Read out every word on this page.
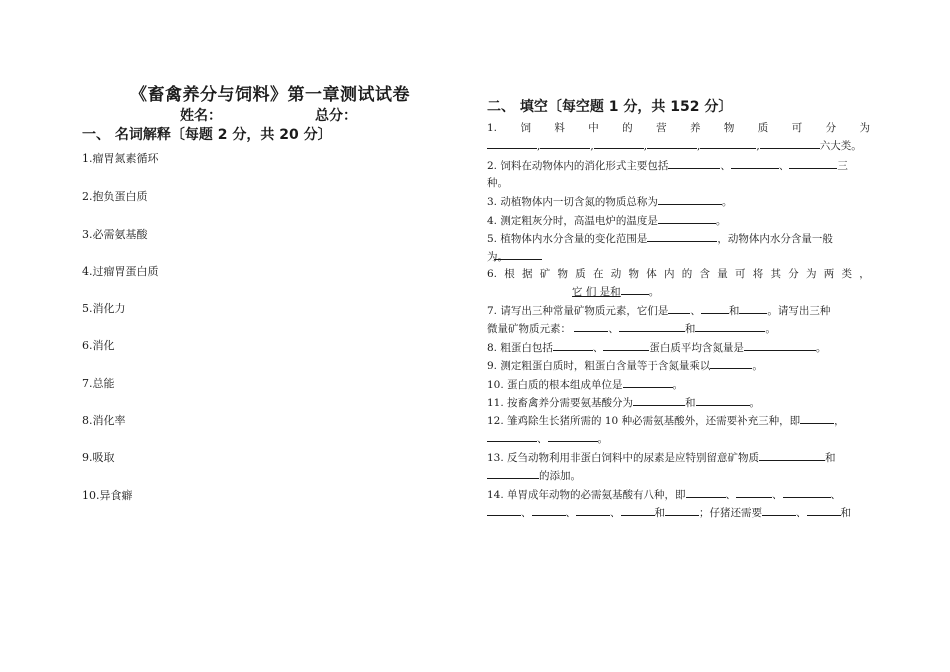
《畜禽养分与饲料》第一章测试试卷
姓名：	总分：
一、 名词解释〔每题 2 分，共 20 分〕
1.瘤胃氮素循环
2.抱负蛋白质
3.必需氨基酸
4.过瘤胃蛋白质
5.消化力
6.消化
7.总能
8.消化率
9.吸取
10.异食癖
二、 填空〔每空题 1 分，共 152 分〕
1. 饲 料 中 的 营 养 物 质 可 分 为
,	,	,	,	,	六大类。
2. 饲料在动物体内的消化形式主要包括	、	、	三
种。
3. 动植物体内一切含氮的物质总称为	。
4. 测定粗灰分时，高温电炉的温度是	。
5. 植物体内水分含量的变化范围是	，动物体内水分含量一般
为。
6. 根 据 矿 物 质 在 动 物 体 内 的 含 量 可 将 其 分 为 两 类 ，
它 们 是和	。
7. 请写出三种常量矿物质元素，它们是 、	和	。请写出三种
微量矿物质元素：	、	和	。
8. 粗蛋白包括	、	蛋白质平均含氮量是	。
9. 测定粗蛋白质时，粗蛋白含量等于含氮量乘以	。
10. 蛋白质的根本组成单位是	。
11. 按畜禽养分需要氨基酸分为	和	。
12. 雏鸡除生长猪所需的 10 种必需氨基酸外，还需要补充三种，即	，
、	。
13. 反刍动物利用非蛋白饲料中的尿素是应特别留意矿物质	和
的添加。
14. 单胃成年动物的必需氨基酸有八种，即	、	、	、
、	、	、	和	；仔猪还需要	、	和
